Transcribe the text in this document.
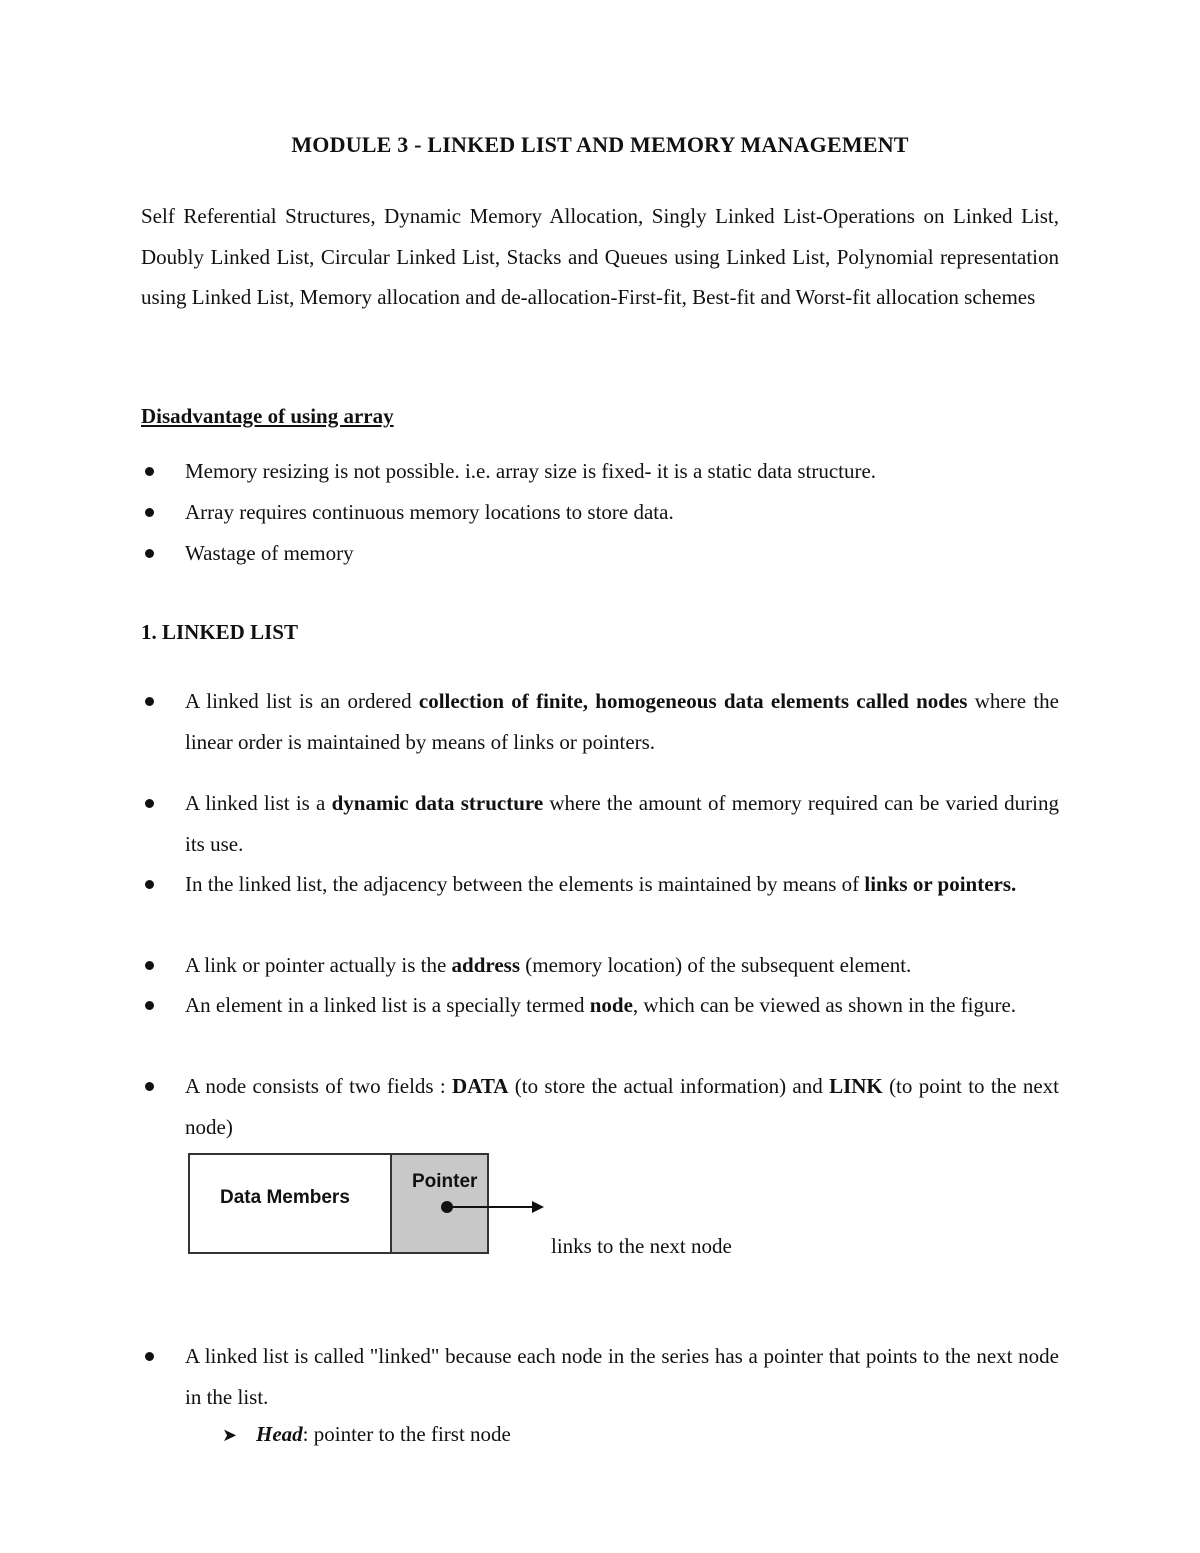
MODULE 3 - LINKED LIST AND MEMORY MANAGEMENT

Self Referential Structures, Dynamic Memory Allocation, Singly Linked List-Operations on Linked List, Doubly Linked List, Circular Linked List, Stacks and Queues using Linked List, Polynomial representation using Linked List, Memory allocation and de-allocation-First-fit, Best-fit and Worst-fit allocation schemes

Disadvantage of using array
Memory resizing is not possible. i.e. array size is fixed- it is a static data structure.
Array requires continuous memory locations to store data.
Wastage of memory
1. LINKED LIST
A linked list is an ordered collection of finite, homogeneous data elements called nodes where the linear order is maintained by means of links or pointers.
A linked list is a dynamic data structure where the amount of memory required can be varied during its use.
In the linked list, the adjacency between the elements is maintained by means of links or pointers.
A link or pointer actually is the address (memory location) of the subsequent element.
An element in a linked list is a specially termed node, which can be viewed as shown in the figure.
A node consists of two fields : DATA (to store the actual information) and LINK (to point to the next node)
Data Members
Pointer
links to the next node
A linked list is called "linked" because each node in the series has a pointer that points to the next node in the list.
➤ Head: pointer to the first node
